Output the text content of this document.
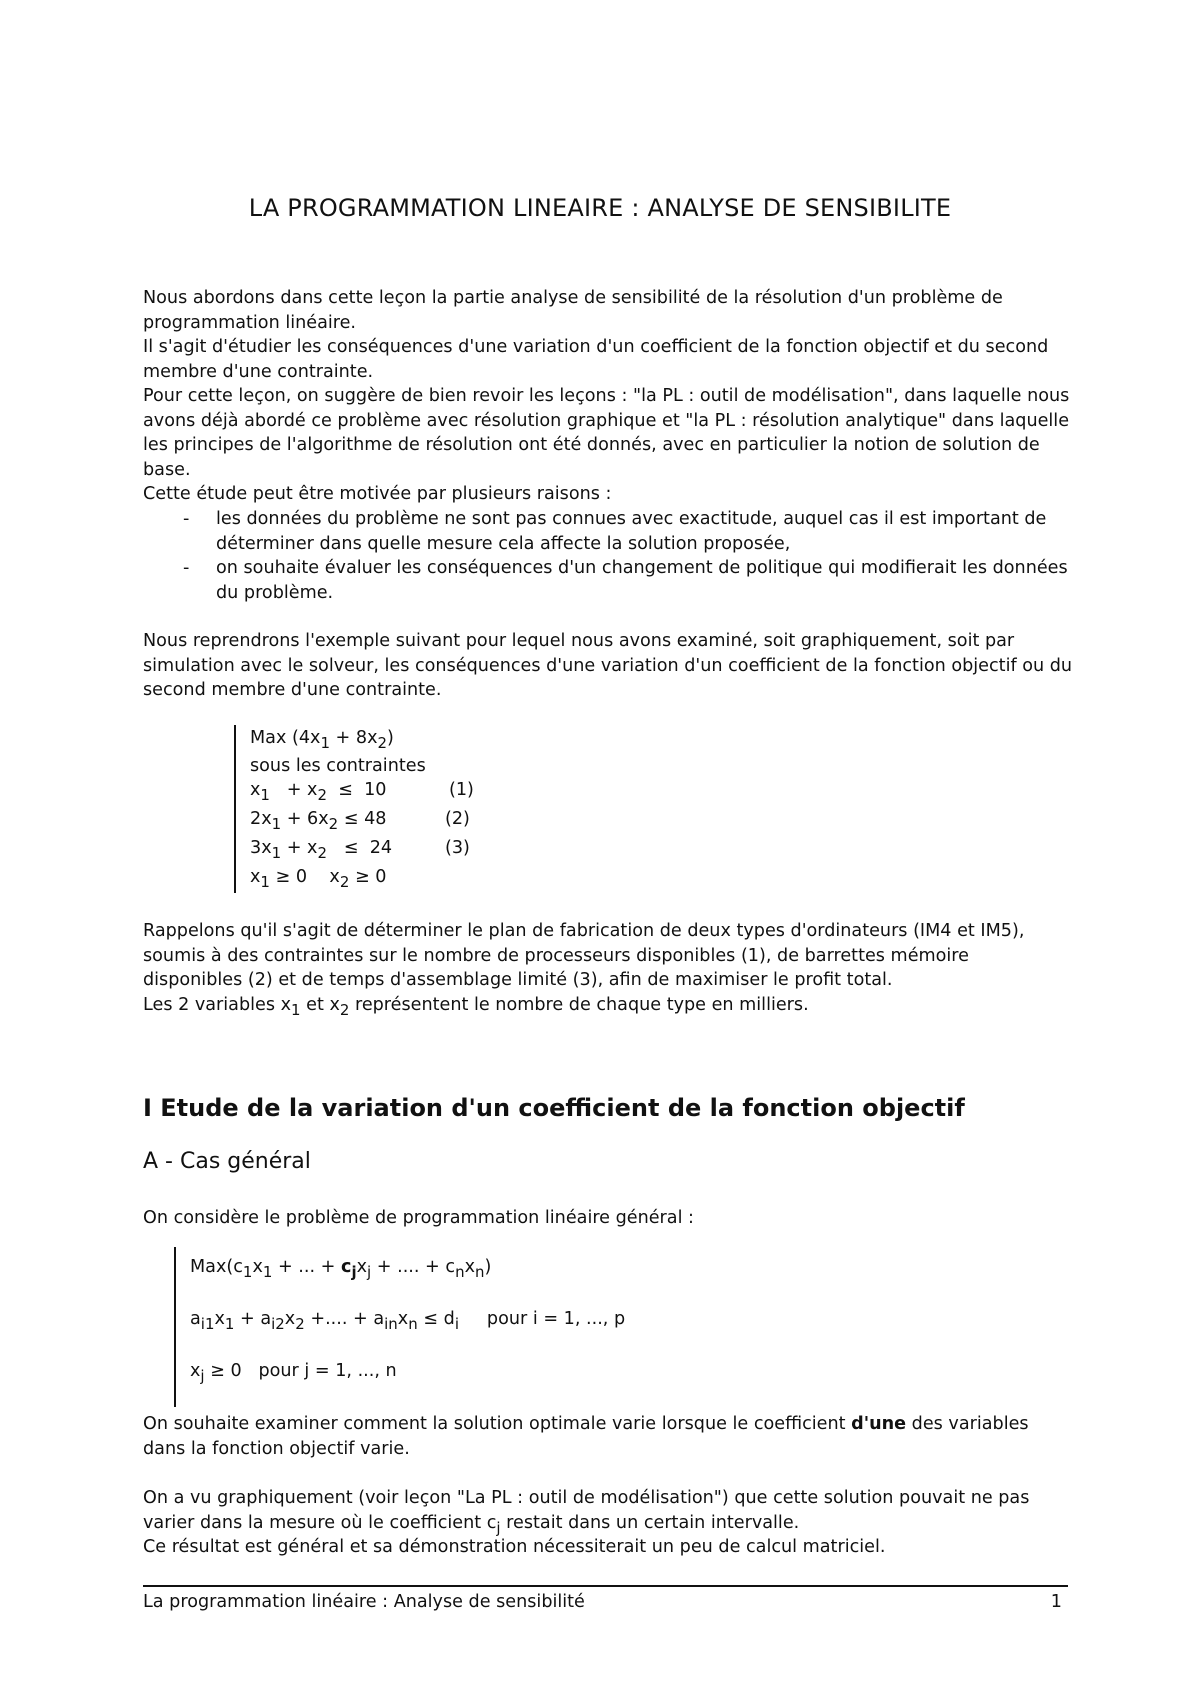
LA PROGRAMMATION LINEAIRE : ANALYSE DE SENSIBILITE
Nous abordons dans cette leçon la partie analyse de sensibilité de la résolution d'un problème de programmation linéaire.
Il s'agit d'étudier les conséquences d'une variation d'un coefficient de la fonction objectif et du second membre d'une contrainte.
Pour cette leçon, on suggère de bien revoir les leçons : "la PL : outil de modélisation", dans laquelle nous avons déjà abordé ce problème avec résolution graphique et "la PL : résolution analytique" dans laquelle les principes de l'algorithme de résolution ont été donnés, avec en particulier la notion de solution de base.
Cette étude peut être motivée par plusieurs raisons :
- les données du problème ne sont pas connues avec exactitude, auquel cas il est important de déterminer dans quelle mesure cela affecte la solution proposée,
- on souhaite évaluer les conséquences d'un changement de politique qui modifierait les données du problème.
Nous reprendrons l'exemple suivant pour lequel nous avons examiné, soit graphiquement, soit par simulation avec le solveur, les conséquences d'une variation d'un coefficient de la fonction objectif ou du second membre d'une contrainte.
Max $(4x_1 + 8x_2)$
sous les contraintes
$x_1 + x_2 \le 10$	(1)
$2x_1 + 6x_2 \le 48$	(2)
$3x_1 + x_2 \le 24$	(3)
$x_1 \ge 0$    $x_2 \ge 0$
Rappelons qu'il s'agit de déterminer le plan de fabrication de deux types d'ordinateurs (IM4 et IM5), soumis à des contraintes sur le nombre de processeurs disponibles (1), de barrettes mémoire disponibles (2) et de temps d'assemblage limité (3), afin de maximiser le profit total.
Les 2 variables $x_1$ et $x_2$ représentent le nombre de chaque type en milliers.
I Etude de la variation d'un coefficient de la fonction objectif
A - Cas général
On considère le problème de programmation linéaire général :
$Max(c_1x_1$ + ... + $c_jx_j$ + .... + $c_nx_n$)
$a_{i1}x_1 + a_{i2}x_2$ +.... + $a_{in}x_n \le d_i$     pour i = 1, ..., p
$x_j \ge 0$   pour j = 1, ..., n
On souhaite examiner comment la solution optimale varie lorsque le coefficient d'une des variables dans la fonction objectif varie.
On a vu graphiquement (voir leçon "La PL : outil de modélisation") que cette solution pouvait ne pas varier dans la mesure où le coefficient $c_j$ restait dans un certain intervalle.
Ce résultat est général et sa démonstration nécessiterait un peu de calcul matriciel.
La programmation linéaire : Analyse de sensibilité	1
